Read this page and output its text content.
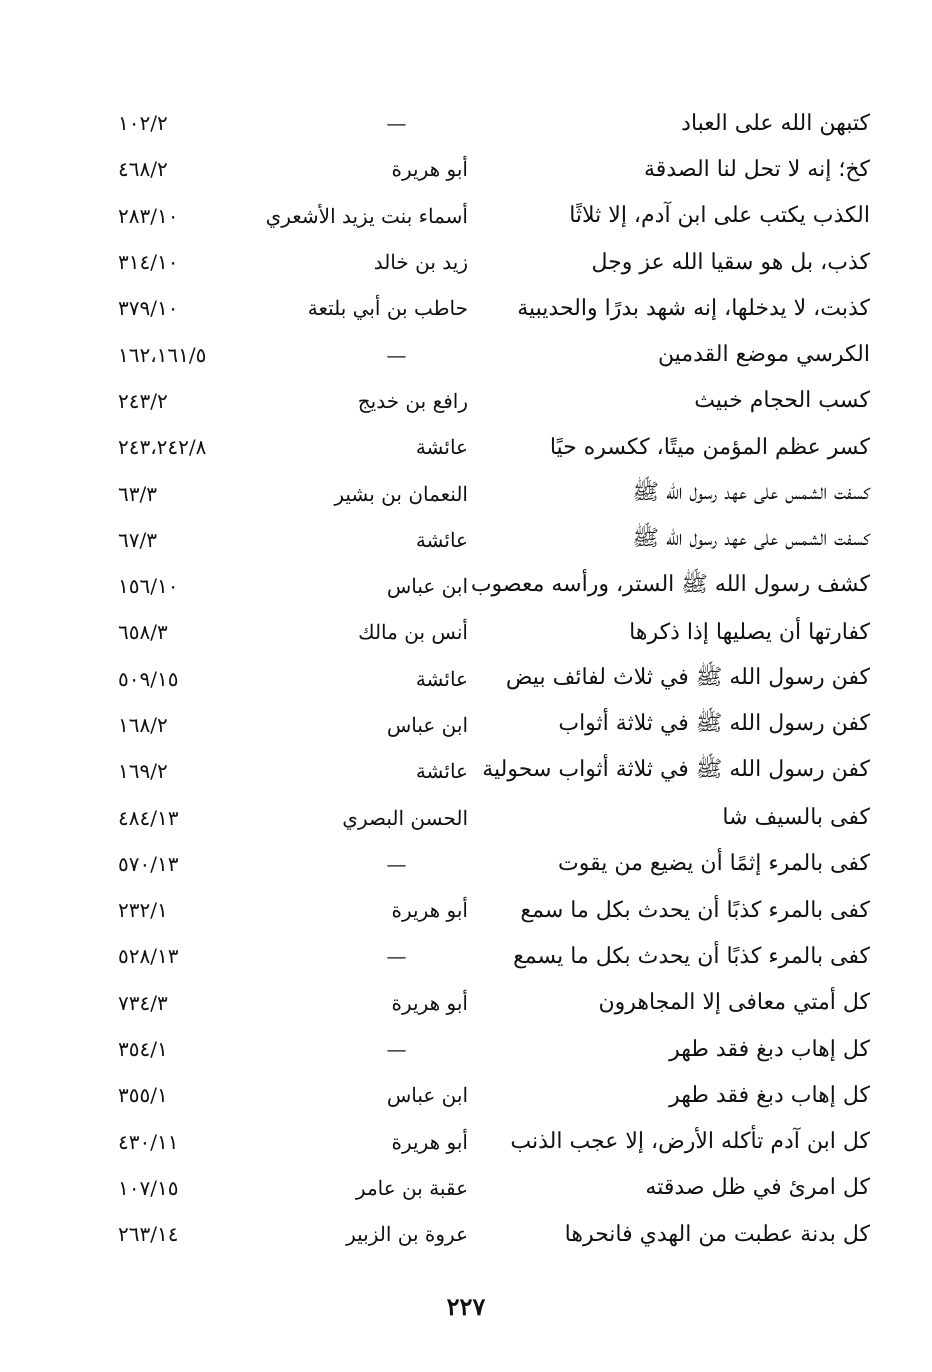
كتبهن الله على العباد
—
١٠٢/٢
كخ؛ إنه لا تحل لنا الصدقة
أبو هريرة
٤٦٨/٢
الكذب يكتب على ابن آدم، إلا ثلاثًا
أسماء بنت يزيد الأشعري
٢٨٣/١٠
كذب، بل هو سقيا الله عز وجل
زيد بن خالد
٣١٤/١٠
كذبت، لا يدخلها، إنه شهد بدرًا والحديبية
حاطب بن أبي بلتعة
٣٧٩/١٠
الكرسي موضع القدمين
—
١٦٢،١٦١/٥
كسب الحجام خبيث
رافع بن خديج
٢٤٣/٢
كسر عظم المؤمن ميتًا، ككسره حيًا
عائشة
٢٤٣،٢٤٢/٨
كسفت الشمس على عهد رسول الله ﷺ
النعمان بن بشير
٦٣/٣
كسفت الشمس على عهد رسول الله ﷺ
عائشة
٦٧/٣
كشف رسول الله ﷺ الستر، ورأسه معصوب
ابن عباس
١٥٦/١٠
كفارتها أن يصليها إذا ذكرها
أنس بن مالك
٦٥٨/٣
كفن رسول الله ﷺ في ثلاث لفائف بيض
عائشة
٥٠٩/١٥
كفن رسول الله ﷺ في ثلاثة أثواب
ابن عباس
١٦٨/٢
كفن رسول الله ﷺ في ثلاثة أثواب سحولية
عائشة
١٦٩/٢
كفى بالسيف شا
الحسن البصري
٤٨٤/١٣
كفى بالمرء إثمًا أن يضيع من يقوت
—
٥٧٠/١٣
كفى بالمرء كذبًا أن يحدث بكل ما سمع
أبو هريرة
٢٣٢/١
كفى بالمرء كذبًا أن يحدث بكل ما يسمع
—
٥٢٨/١٣
كل أمتي معافى إلا المجاهرون
أبو هريرة
٧٣٤/٣
كل إهاب دبغ فقد طهر
—
٣٥٤/١
كل إهاب دبغ فقد طهر
ابن عباس
٣٥٥/١
كل ابن آدم تأكله الأرض، إلا عجب الذنب
أبو هريرة
٤٣٠/١١
كل امرئ في ظل صدقته
عقبة بن عامر
١٠٧/١٥
كل بدنة عطبت من الهدي فانحرها
عروة بن الزبير
٢٦٣/١٤
٢٢٧
